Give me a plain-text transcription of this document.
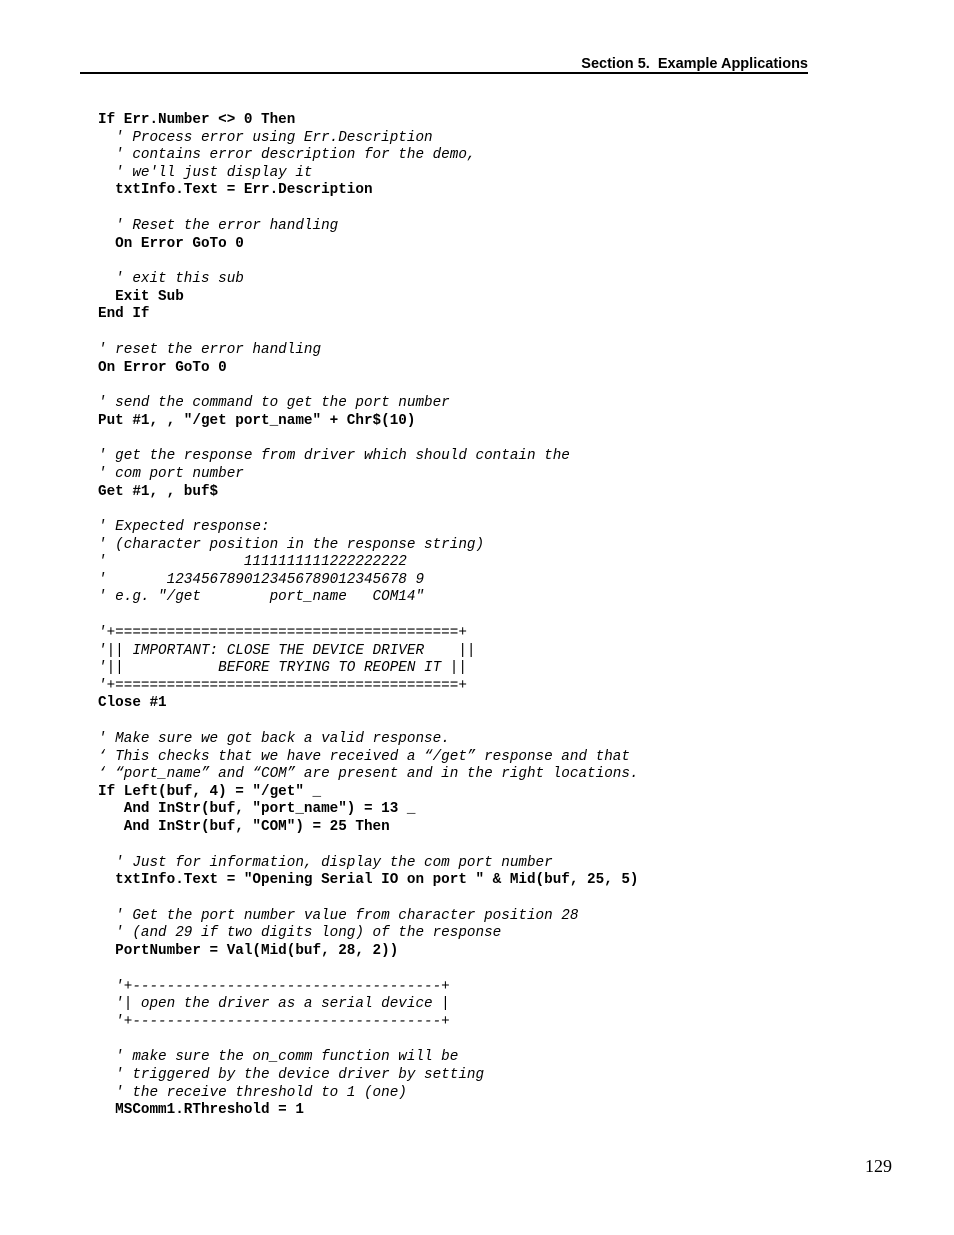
Section 5.  Example Applications
If Err.Number <> 0 Then
' Process error using Err.Description
' contains error description for the demo,
' we'll just display it
txtInfo.Text = Err.Description
' Reset the error handling
On Error GoTo 0
' exit this sub
Exit Sub
End If
' reset the error handling
On Error GoTo 0
' send the command to get the port number
Put #1, , "/get port_name" + Chr$(10)
' get the response from driver which should contain the
' com port number
Get #1, , buf$
' Expected response:
' (character position in the response string)
'                1111111111222222222
'       1234567890123456789012345678 9
' e.g. "/get        port_name   COM14"
'+========================================+
'|| IMPORTANT: CLOSE THE DEVICE DRIVER    ||
'||           BEFORE TRYING TO REOPEN IT ||
'+========================================+
Close #1
' Make sure we got back a valid response.
‘ This checks that we have received a “/get” response and that
‘ “port_name” and “COM” are present and in the right locations.
If Left(buf, 4) = "/get" _
And InStr(buf, "port_name") = 13 _
And InStr(buf, "COM") = 25 Then
' Just for information, display the com port number
txtInfo.Text = "Opening Serial IO on port " & Mid(buf, 25, 5)
' Get the port number value from character position 28
' (and 29 if two digits long) of the response
PortNumber = Val(Mid(buf, 28, 2))
'+------------------------------------+
'| open the driver as a serial device |
'+------------------------------------+
' make sure the on_comm function will be
' triggered by the device driver by setting
' the receive threshold to 1 (one)
MSComm1.RThreshold = 1
129
